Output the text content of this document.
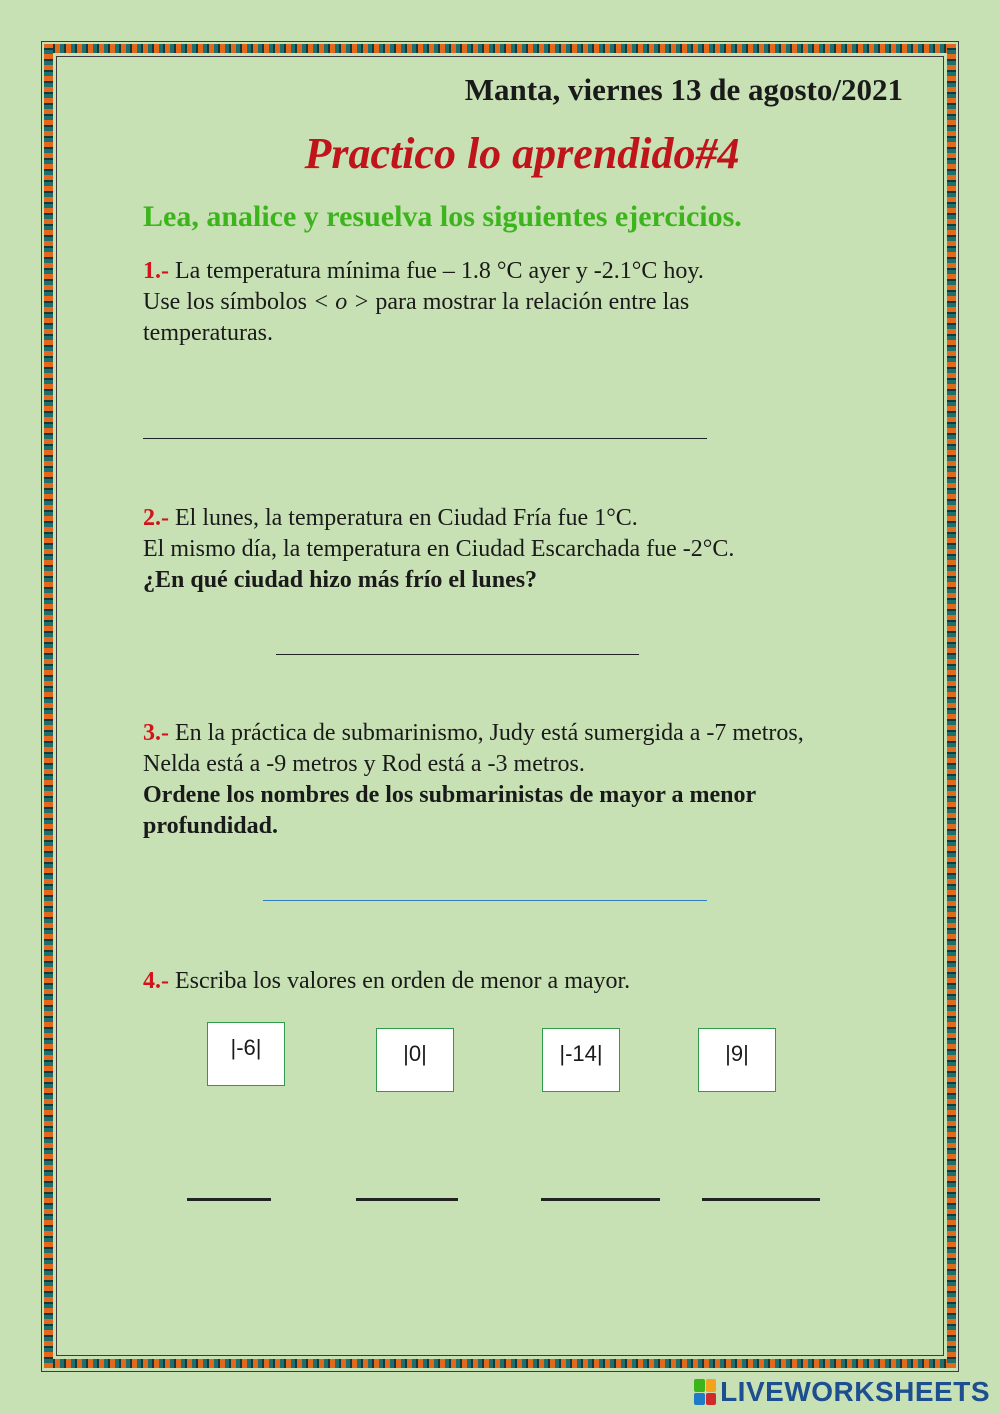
Manta, viernes 13 de agosto/2021
Practico lo aprendido#4
Lea, analice y resuelva los siguientes ejercicios.
1.- La temperatura mínima fue – 1.8 °C ayer y -2.1°C hoy.
Use los símbolos < o > para mostrar la relación entre las
temperaturas.
2.- El lunes, la temperatura en Ciudad Fría fue 1°C.
El mismo día, la temperatura en Ciudad Escarchada fue -2°C.
¿En qué ciudad hizo más frío el lunes?
3.- En la práctica de submarinismo, Judy está sumergida a -7 metros,
Nelda está a -9 metros y Rod está a -3 metros.
Ordene los nombres de los submarinistas de mayor a menor
profundidad.
4.- Escriba los valores en orden de menor a mayor.
|-6|	|0|	|-14|	|9|
LIVEWORKSHEETS
